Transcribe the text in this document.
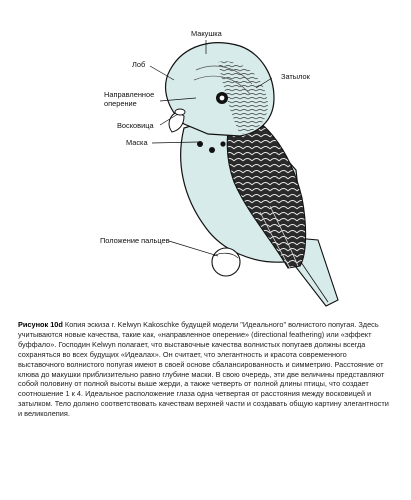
Макушка
Лоб
Затылок
Направленное
оперение
Восковица
Маска
Положение пальцев

Рисунок 10d Копия эскиза г. Kelwyn Kakoschke будущей модели "Идеального" волнистого попугая. Здесь учитываются новые качества, такие как, «направленное оперение» (directional feathering) или «эффект буффало». Господин Kelwyn полагает, что выставочные качества волнистых попугаев должны всегда сохраняться во всех будущих «Идеалах». Он считает, что элегантность и красота современного выставочного волнистого попугая имеют в своей основе сбалансированность и симметрию. Расстояние от клюва до макушки приблизительно равно глубине маски. В свою очередь, эти две величины представляют собой половину от полной высоты выше жерди, а также четверть от полной длины птицы, что создает соотношение 1 к 4. Идеальное расположение глаза одна четвертая от расстояния между восковицей и затылком. Тело должно соответствовать качествам верхней части и создавать общую картину элегантности и великолепия.
